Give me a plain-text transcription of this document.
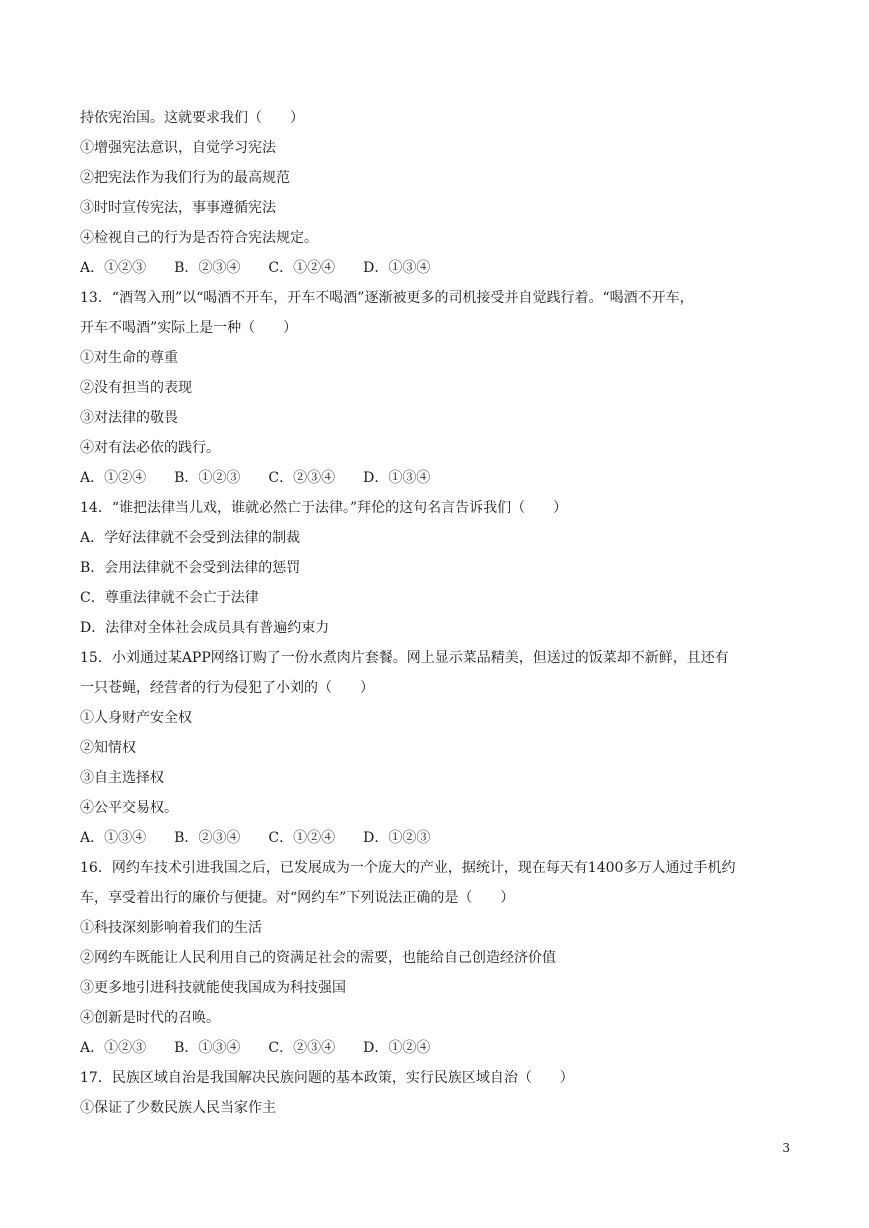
持依宪治国。这就要求我们（　　）
①增强宪法意识，自觉学习宪法
②把宪法作为我们行为的最高规范
③时时宣传宪法，事事遵循宪法
④检视自己的行为是否符合宪法规定。
A．①②③　　B．②③④　　C．①②④　　D．①③④
13．“酒驾入刑”以“喝酒不开车，开车不喝酒”逐渐被更多的司机接受并自觉践行着。“喝酒不开车，
开车不喝酒”实际上是一种（　　）
①对生命的尊重
②没有担当的表现
③对法律的敬畏
④对有法必依的践行。
A．①②④　　B．①②③　　C．②③④　　D．①③④
14．“谁把法律当儿戏，谁就必然亡于法律。”拜伦的这句名言告诉我们（　　）
A．学好法律就不会受到法律的制裁
B．会用法律就不会受到法律的惩罚
C．尊重法律就不会亡于法律
D．法律对全体社会成员具有普遍约束力
15．小刘通过某APP网络订购了一份水煮肉片套餐。网上显示菜品精美，但送过的饭菜却不新鲜，且还有
一只苍蝇，经营者的行为侵犯了小刘的（　　）
①人身财产安全权
②知情权
③自主选择权
④公平交易权。
A．①③④　　B．②③④　　C．①②④　　D．①②③
16．网约车技术引进我国之后，已发展成为一个庞大的产业，据统计，现在每天有1400多万人通过手机约
车，享受着出行的廉价与便捷。对“网约车”下列说法正确的是（　　）
①科技深刻影响着我们的生活
②网约车既能让人民利用自己的资满足社会的需要，也能给自己创造经济价值
③更多地引进科技就能使我国成为科技强国
④创新是时代的召唤。
A．①②③　　B．①③④　　C．②③④　　D．①②④
17．民族区域自治是我国解决民族问题的基本政策，实行民族区域自治（　　）
①保证了少数民族人民当家作主
3
